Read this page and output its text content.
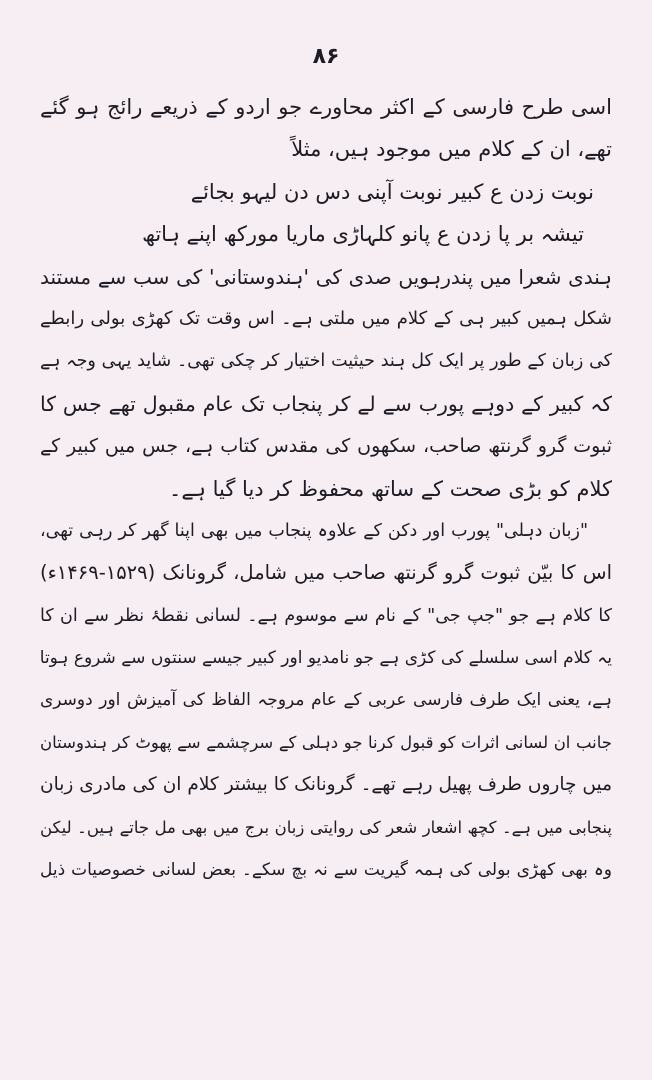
۸۶
اسی طرح فارسی کے اکثر محاورے جو اردو کے ذریعے رائج ہو گئے
تھے، ان کے کلام میں موجود ہیں، مثلاً
نوبت زدن ع کبیر نوبت آپنی دس دن لیہو بجائے
تیشہ بر پا زدن ع پانو کلہاڑی ماریا مورکھ اپنے ہاتھ
ہندی شعرا میں پندرہویں صدی کی 'ہندوستانی' کی سب سے مستند
شکل ہمیں کبیر ہی کے کلام میں ملتی ہے۔ اس وقت تک کھڑی بولی رابطے
کی زبان کے طور پر ایک کل ہند حیثیت اختیار کر چکی تھی۔ شاید یہی وجہ ہے
کہ کبیر کے دوہے پورب سے لے کر پنجاب تک عام مقبول تھے جس کا
ثبوت گرو گرنتھ صاحب، سکھوں کی مقدس کتاب ہے، جس میں کبیر کے
کلام کو بڑی صحت کے ساتھ محفوظ کر دیا گیا ہے۔
"زبان دہلی" پورب اور دکن کے علاوہ پنجاب میں بھی اپنا گھر کر رہی تھی،
اس کا بیّن ثبوت گرو گرنتھ صاحب میں شامل، گرونانک (۱۵۲۹-۱۴۶۹ء)
کا کلام ہے جو "جپ جی" کے نام سے موسوم ہے۔ لسانی نقطۂ نظر سے ان کا
یہ کلام اسی سلسلے کی کڑی ہے جو نامدیو اور کبیر جیسے سنتوں سے شروع ہوتا
ہے، یعنی ایک طرف فارسی عربی کے عام مروجہ الفاظ کی آمیزش اور دوسری
جانب ان لسانی اثرات کو قبول کرنا جو دہلی کے سرچشمے سے پھوٹ کر ہندوستان
میں چاروں طرف پھیل رہے تھے۔ گرونانک کا بیشتر کلام ان کی مادری زبان
پنجابی میں ہے۔ کچھ اشعار شعر کی روایتی زبان برج میں بھی مل جاتے ہیں۔ لیکن
وہ بھی کھڑی بولی کی ہمہ گیریت سے نہ بچ سکے۔ بعض لسانی خصوصیات ذیل
